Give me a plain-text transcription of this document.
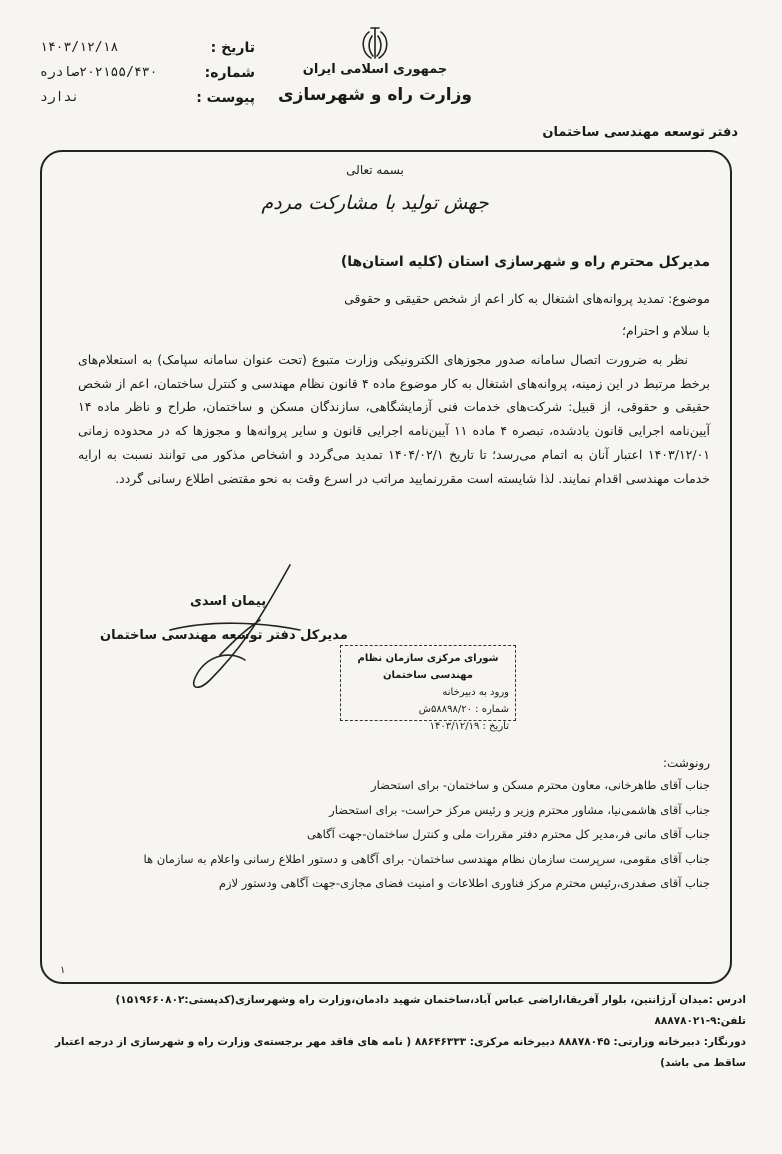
تاریخ :
۱۴۰۳/۱۲/۱۸
شماره:
۲۰۲۱۵۵/۴۳۰صادره
پیوست :
ندارد
جمهوری اسلامی ایران
وزارت راه و شهرسازی
دفتر توسعه مهندسی ساختمان
بسمه تعالی
جهش تولید با مشارکت مردم
مدیرکل محترم راه و شهرسازی استان (کلیه استان‌ها)
موضوع: تمدید پروانه‌های اشتغال به کار اعم از شخص حقیقی و حقوقی
با سلام و احترام؛
نظر به ضرورت اتصال سامانه صدور مجوزهای الکترونیکی وزارت متبوع (تحت عنوان سامانه سپامک) به استعلام‌های برخط مرتبط در این زمینه، پروانه‌های اشتغال به کار موضوع ماده ۴ قانون نظام مهندسی و کنترل ساختمان، اعم از شخص حقیقی و حقوقی، از قبیل: شرکت‌های خدمات فنی آزمایشگاهی، سازندگان مسکن و ساختمان، طراح و ناظر ماده ۱۴ آیین‌نامه اجرایی قانون یادشده، تبصره ۴ ماده ۱۱ آیین‌نامه اجرایی قانون و سایر پروانه‌ها و مجوزها که در محدوده زمانی ۱۴۰۳/۱۲/۰۱ اعتبار آنان به اتمام می‌رسد؛ تا تاریخ ۱۴۰۴/۰۲/۱ تمدید می‌گردد و اشخاص مذکور می توانند نسبت به ارایه خدمات مهندسی اقدام نمایند. لذا شایسته است مقررنمایید مراتب در اسرع وقت به نحو مقتضی اطلاع رسانی گردد.
پیمان اسدی
مدیرکل دفتر توسعه مهندسی ساختمان
شورای مرکزی سازمان نظام مهندسی ساختمان
ورود به دبیرخانه
شماره : ۵۸۸۹۸/۲۰ش
تاریخ : ۱۴۰۳/۱۲/۱۹
رونوشت:
جناب آقای طاهرخانی، معاون محترم مسکن و ساختمان- برای استحضار
جناب آقای هاشمی‌نیا، مشاور محترم وزیر و رئیس مرکز حراست- برای استحضار
جناب آقای مانی فر،مدیر کل محترم دفتر مقررات ملی و کنترل ساختمان-جهت آگاهی
جناب آقای مقومی، سرپرست سازمان نظام مهندسی ساختمان- برای آگاهی و دستور اطلاع رسانی واعلام به سازمان ها
جناب آقای صفدری،رئیس محترم مرکز فناوری اطلاعات و امنیت فضای مجازی-جهت آگاهی ودستور لازم
۱
ادرس :میدان آرژانتین، بلوار آفریقا،اراضی عباس آباد،ساختمان شهید دادمان،وزارت راه وشهرسازی(کدپستی:۱۵۱۹۶۶۰۸۰۲) تلفن:۹-۸۸۸۷۸۰۲۱
دورنگار: دبیرخانه وزارتی: ۸۸۸۷۸۰۴۵ دبیرخانه مرکزی: ۸۸۶۴۶۳۳۳ ( نامه های فاقد مهر برجسته‌ی وزارت راه و شهرسازی از درجه اعتبار ساقط می باشد)
